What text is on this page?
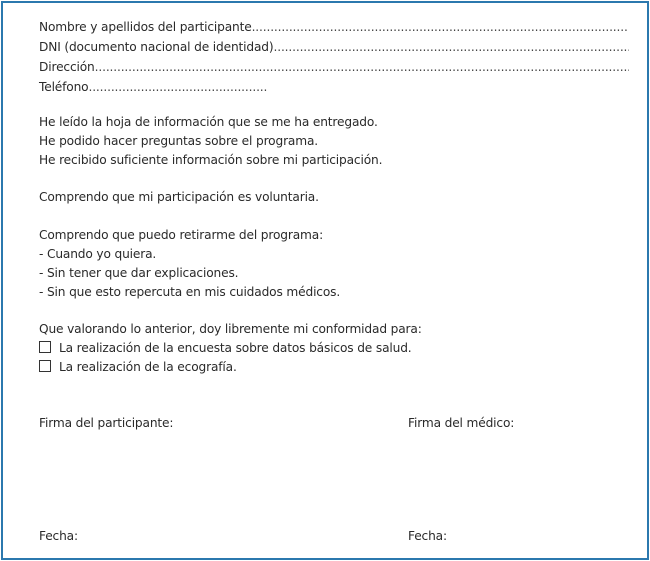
Nombre y apellidos del participante
.....
DNI (documento nacional de identidad)
.....
Dirección
.....
Teléfono
.....
He leído la hoja de información que se me ha entregado.
He podido hacer preguntas sobre el programa.
He recibido suficiente información sobre mi participación.
Comprendo que mi participación es voluntaria.
Comprendo que puedo retirarme del programa:
- Cuando yo quiera.
- Sin tener que dar explicaciones.
- Sin que esto repercuta en mis cuidados médicos.
Que valorando lo anterior, doy libremente mi conformidad para:
La realización de la encuesta sobre datos básicos de salud.
La realización de la ecografía.
Firma del participante:	Firma del médico:
Fecha:	Fecha:
